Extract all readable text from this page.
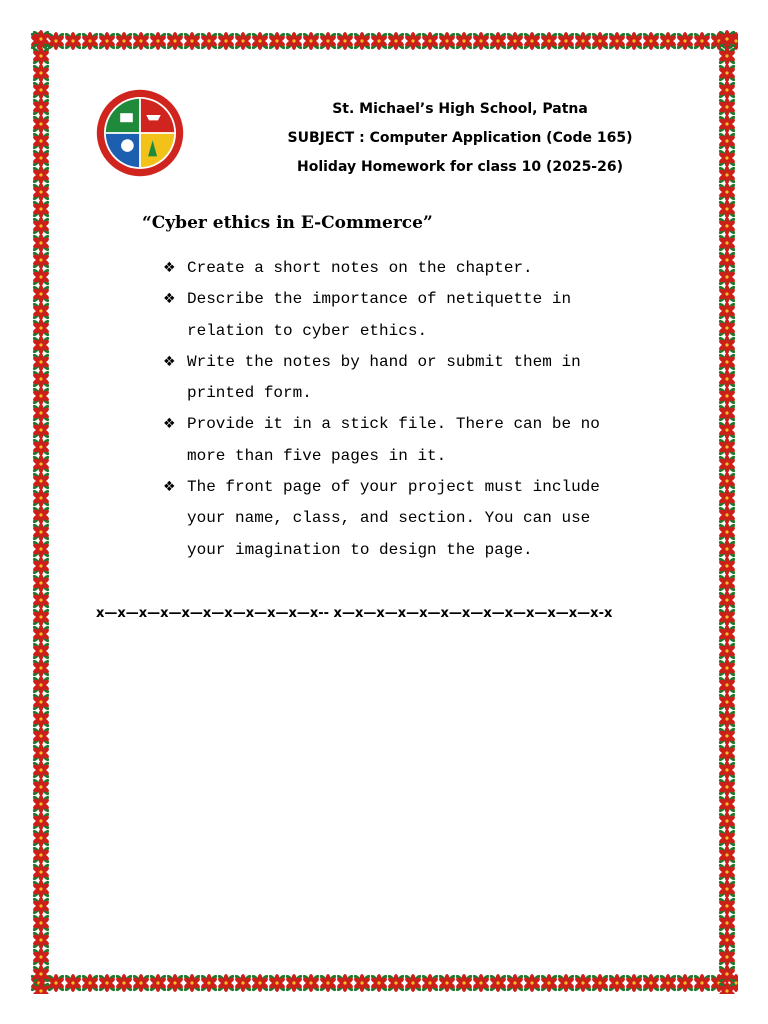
St. Michael’s High School, Patna
SUBJECT : Computer Application (Code 165)
Holiday Homework for class 10 (2025-26)
“Cyber ethics in E-Commerce”
❖ Create a short notes on the chapter.
❖ Describe the importance of netiquette in
relation to cyber ethics.
❖ Write the notes by hand or submit them in
printed form.
❖ Provide it in a stick file. There can be no
more than five pages in it.
❖ The front page of your project must include
your name, class, and section. You can use
your imagination to design the page.
x—x—x—x—x—x—x—x—x—x—x-- x—x—x—x—x—x—x—x—x—x—x—x—x-x
